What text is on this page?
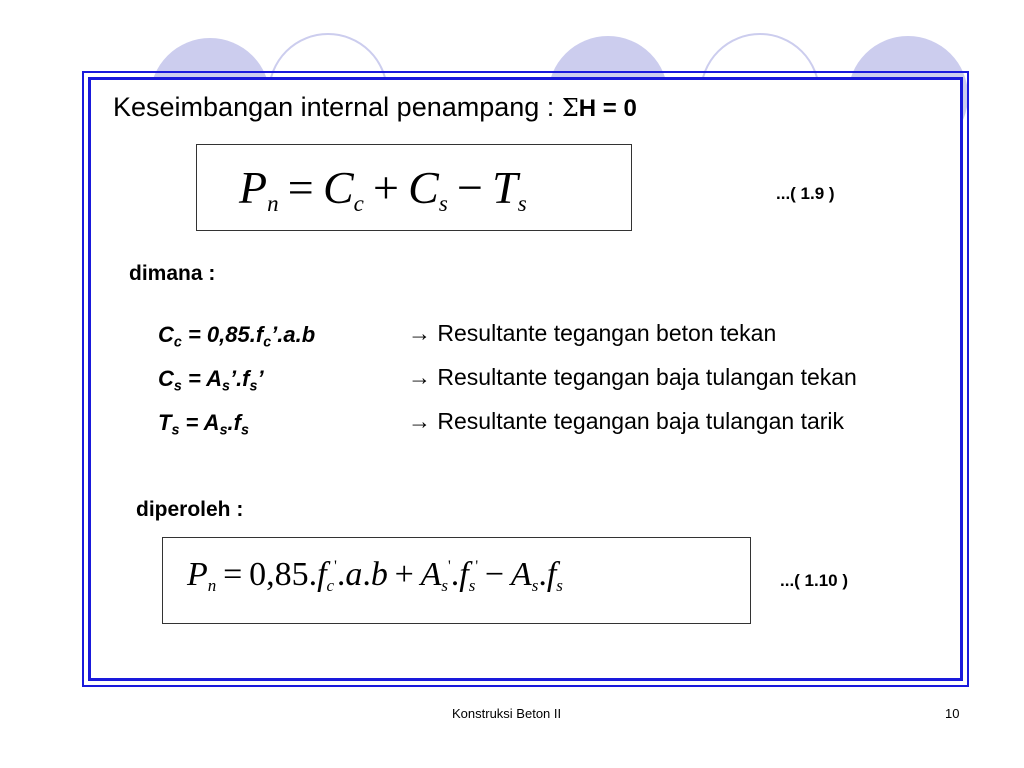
Keseimbangan internal penampang : ΣH = 0
$P_n = C_c + C_s - T_s$	...( 1.9 )
dimana :
$C_c$ = $0,85.f_c’.a.b$	→ Resultante tegangan beton tekan
$C_s$ = $A_s’.f_s$’	→ Resultante tegangan baja tulangan tekan
$T_s = A_s.f_s$	→ Resultante tegangan baja tulangan tarik
diperoleh :
$P_n = 0,85.f_c'.a.b + A_s'.f_s' - A_s.f_s$	...( 1.10 )
Konstruksi Beton II	10
